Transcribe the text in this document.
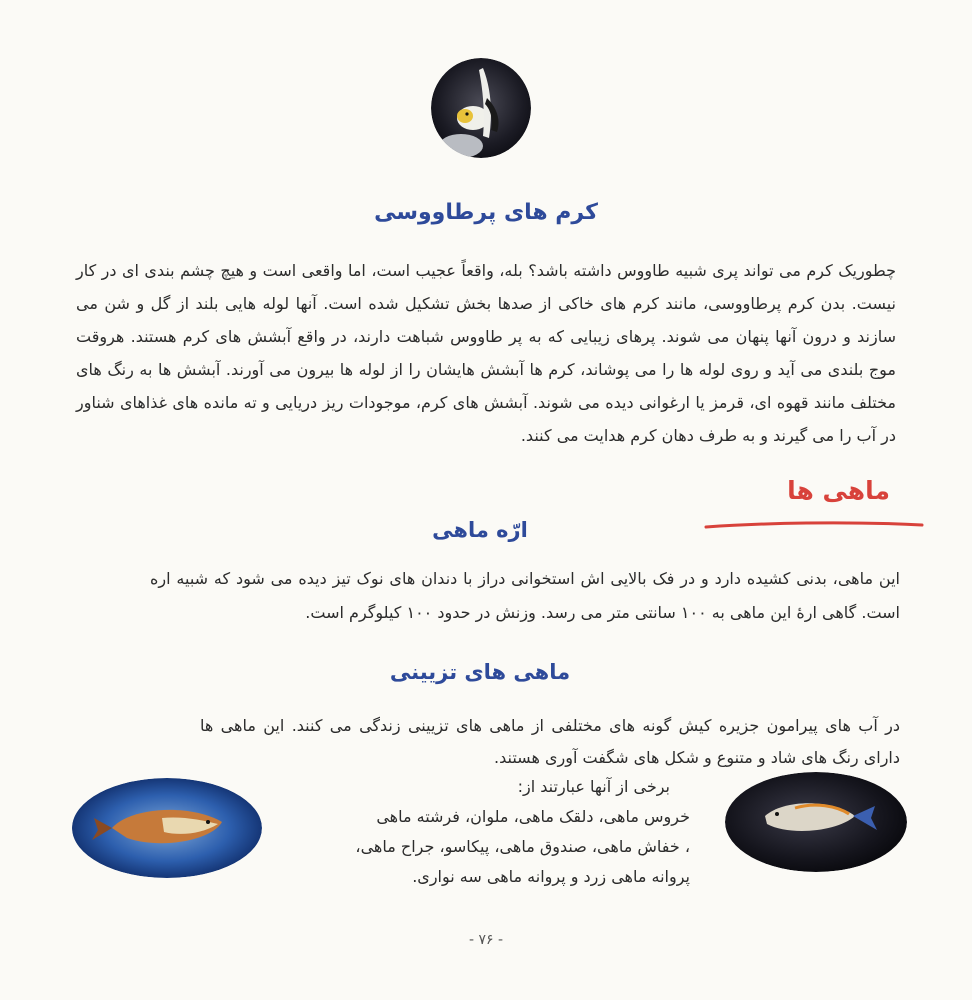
کرم های پرطاووسی
چطوریک کرم می تواند پری شبیه طاووس داشته باشد؟ بله، واقعاً عجیب است، اما واقعی است و هیچ چشم بندی ای در کار نیست. بدن کرم پرطاووسی، مانند کرم های خاکی از صدها بخش تشکیل شده است. آنها لوله هایی بلند از گل و شن می سازند و درون آنها پنهان می شوند. پرهای زیبایی که به پر طاووس شباهت دارند، در واقع آبشش های کرم هستند. هروقت موج بلندی می آید و روی لوله ها را می پوشاند، کرم ها آبشش هایشان را از لوله ها بیرون می آورند. آبشش ها به رنگ های مختلف مانند قهوه ای، قرمز یا ارغوانی دیده می شوند. آبشش های کرم، موجودات ریز دریایی و ته مانده های غذاهای شناور در آب را می گیرند و به طرف دهان کرم هدایت می کنند.
ماهی ها
ارّه ماهی
این ماهی، بدنی کشیده دارد و در فک بالایی اش استخوانی دراز با دندان های نوک تیز دیده می شود که شبیه اره است. گاهی ارهٔ این ماهی به ۱۰۰ سانتی متر می رسد. وزنش در حدود ۱۰۰ کیلوگرم است.
ماهی های تزیینی
در آب های پیرامون جزیره کیش گونه های مختلفی از ماهی های تزیینی زندگی می کنند. این ماهی ها دارای رنگ های شاد و متنوع و شکل های شگفت آوری هستند.
برخی از آنها عبارتند از:
خروس ماهی، دلقک ماهی، ملوان، فرشته ماهی
، خفاش ماهی، صندوق ماهی، پیکاسو، جراح ماهی،
پروانه ماهی زرد و پروانه ماهی سه نواری.
- ۷۶ -
